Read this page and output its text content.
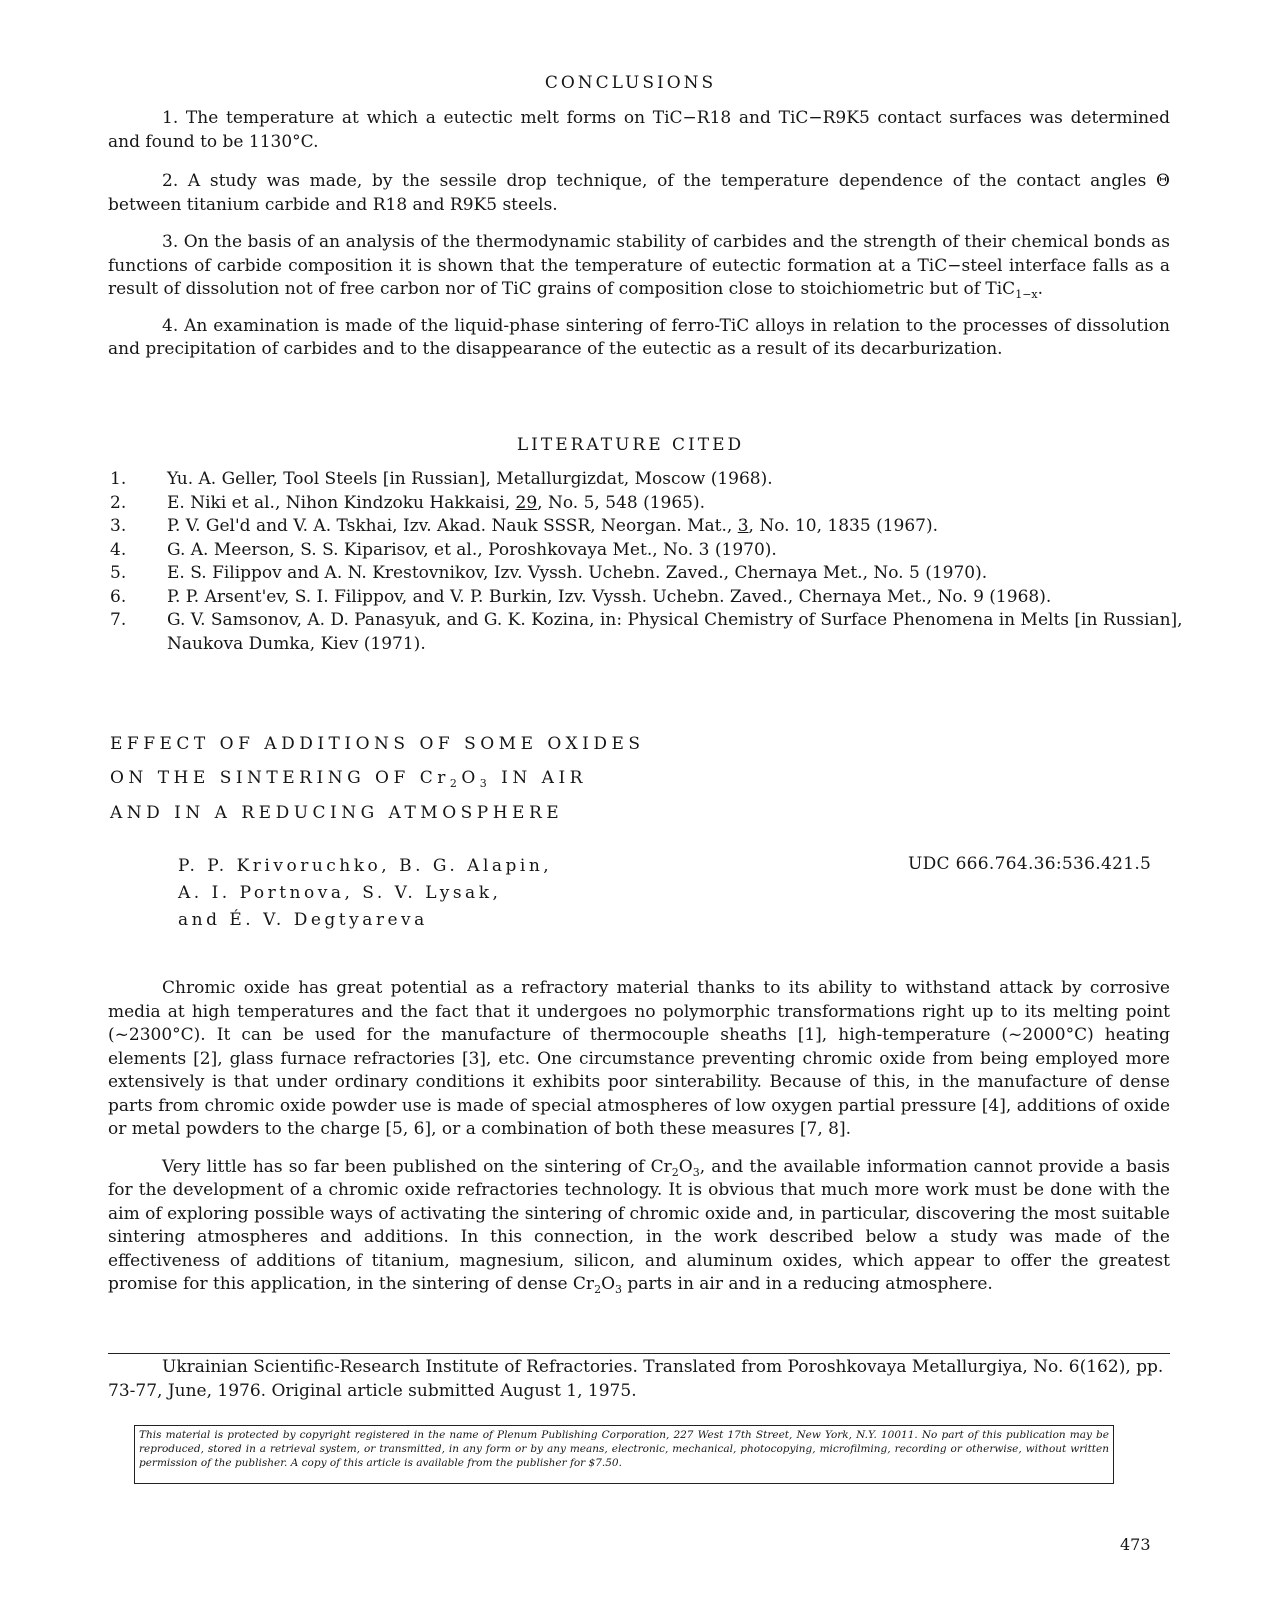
CONCLUSIONS

1. The temperature at which a eutectic melt forms on TiC−R18 and TiC−R9K5 contact surfaces was determined and found to be 1130°C.

2. A study was made, by the sessile drop technique, of the temperature dependence of the contact angles Θ between titanium carbide and R18 and R9K5 steels.

3. On the basis of an analysis of the thermodynamic stability of carbides and the strength of their chemical bonds as functions of carbide composition it is shown that the temperature of eutectic formation at a TiC−steel interface falls as a result of dissolution not of free carbon nor of TiC grains of composition close to stoichiometric but of TiC$_{1-x}$.

4. An examination is made of the liquid-phase sintering of ferro-TiC alloys in relation to the processes of dissolution and precipitation of carbides and to the disappearance of the eutectic as a result of its decarburization.

LITERATURE CITED
1.	Yu. A. Geller, Tool Steels [in Russian], Metallurgizdat, Moscow (1968).
2.	E. Niki et al., Nihon Kindzoku Hakkaisi, 29, No. 5, 548 (1965).
3.	P. V. Gel'd and V. A. Tskhai, Izv. Akad. Nauk SSSR, Neorgan. Mat., 3, No. 10, 1835 (1967).
4.	G. A. Meerson, S. S. Kiparisov, et al., Poroshkovaya Met., No. 3 (1970).
5.	E. S. Filippov and A. N. Krestovnikov, Izv. Vyssh. Uchebn. Zaved., Chernaya Met., No. 5 (1970).
6.	P. P. Arsent'ev, S. I. Filippov, and V. P. Burkin, Izv. Vyssh. Uchebn. Zaved., Chernaya Met., No. 9 (1968).
7.	G. V. Samsonov, A. D. Panasyuk, and G. K. Kozina, in: Physical Chemistry of Surface Phenomena in Melts [in Russian], Naukova Dumka, Kiev (1971).
EFFECT OF ADDITIONS OF SOME OXIDES
ON THE SINTERING OF $Cr_2O_3$ IN AIR
AND IN A REDUCING ATMOSPHERE
P. P. Krivoruchko, B. G. Alapin,
A. I. Portnova, S. V. Lysak,
and É. V. Degtyareva
UDC 666.764.36:536.421.5

Chromic oxide has great potential as a refractory material thanks to its ability to withstand attack by corrosive media at high temperatures and the fact that it undergoes no polymorphic transformations right up to its melting point (~2300°C). It can be used for the manufacture of thermocouple sheaths [1], high-temperature (~2000°C) heating elements [2], glass furnace refractories [3], etc. One circumstance preventing chromic oxide from being employed more extensively is that under ordinary conditions it exhibits poor sinterability. Because of this, in the manufacture of dense parts from chromic oxide powder use is made of special atmospheres of low oxygen partial pressure [4], additions of oxide or metal powders to the charge [5, 6], or a combination of both these measures [7, 8].

Very little has so far been published on the sintering of $Cr_2O_3$, and the available information cannot provide a basis for the development of a chromic oxide refractories technology. It is obvious that much more work must be done with the aim of exploring possible ways of activating the sintering of chromic oxide and, in particular, discovering the most suitable sintering atmospheres and additions. In this connection, in the work described below a study was made of the effectiveness of additions of titanium, magnesium, silicon, and aluminum oxides, which appear to offer the greatest promise for this application, in the sintering of dense $Cr_2O_3$ parts in air and in a reducing atmosphere.

Ukrainian Scientific-Research Institute of Refractories. Translated from Poroshkovaya Metallurgiya, No. 6(162), pp. 73-77, June, 1976. Original article submitted August 1, 1975.

This material is protected by copyright registered in the name of Plenum Publishing Corporation, 227 West 17th Street, New York, N.Y. 10011. No part of this publication may be reproduced, stored in a retrieval system, or transmitted, in any form or by any means, electronic, mechanical, photocopying, microfilming, recording or otherwise, without written permission of the publisher. A copy of this article is available from the publisher for $7.50.
473
